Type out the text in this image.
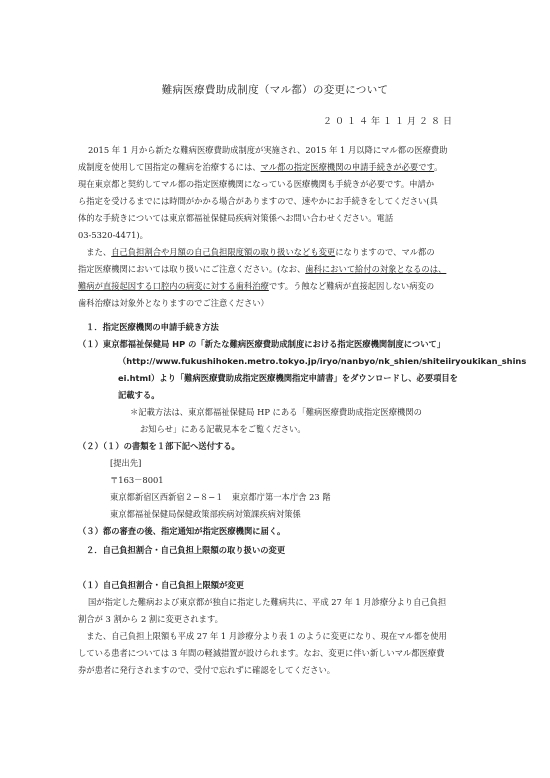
難病医療費助成制度（マル都）の変更について
２０１４年１１月２８日
2015 年 1 月から新たな難病医療費助成制度が実施され、2015 年 1 月以降にマル都の医療費助
成制度を使用して国指定の難病を治療するには、マル都の指定医療機関の申請手続きが必要です。
現在東京都と契約してマル都の指定医療機関になっている医療機関も手続きが必要です。申請か
ら指定を受けるまでには時間がかかる場合がありますので、速やかにお手続きをしてください(具
体的な手続きについては東京都福祉保健局疾病対策係へお問い合わせください。電話
03-5320-4471)。
　また、自己負担割合や月額の自己負担限度額の取り扱いなども変更になりますので、マル都の
指定医療機関においては取り扱いにご注意ください。(なお、歯科において給付の対象となるのは、
難病が直接起因する口腔内の病変に対する歯科治療です。う蝕など難病が直接起因しない病変の
歯科治療は対象外となりますのでご注意ください）
１．指定医療機関の申請手続き方法
（１）東京都福祉保健局 HP の「新たな難病医療費助成制度における指定医療機関制度について」
（http://www.fukushihoken.metro.tokyo.jp/iryo/nanbyo/nk_shien/shiteiiryoukikan_shins
ei.html）より「難病医療費助成指定医療機関指定申請書」をダウンロードし、必要項目を
記載する。
＊記載方法は、東京都福祉保健局 HP にある「難病医療費助成指定医療機関の
お知らせ」にある記載見本をご覧ください。
（２）（１）の書類を１部下記へ送付する。
[提出先]
〒163－8001
東京都新宿区西新宿２−８−１　東京都庁第一本庁舎 23 階
東京都福祉保健局保健政策部疾病対策課疾病対策係
（３）都の審査の後、指定通知が指定医療機関に届く。
２．自己負担割合・自己負担上限額の取り扱いの変更
（１）自己負担割合・自己負担上限額が変更
国が指定した難病および東京都が独自に指定した難病共に、平成 27 年 1 月診療分より自己負担
割合が 3 割から 2 割に変更されます。
　また、自己負担上限額も平成 27 年 1 月診療分より表 1 のように変更になり、現在マル都を使用
している患者については 3 年間の軽減措置が設けられます。なお、変更に伴い新しいマル都医療費
券が患者に発行されますので、受付で忘れずに確認をしてください。
